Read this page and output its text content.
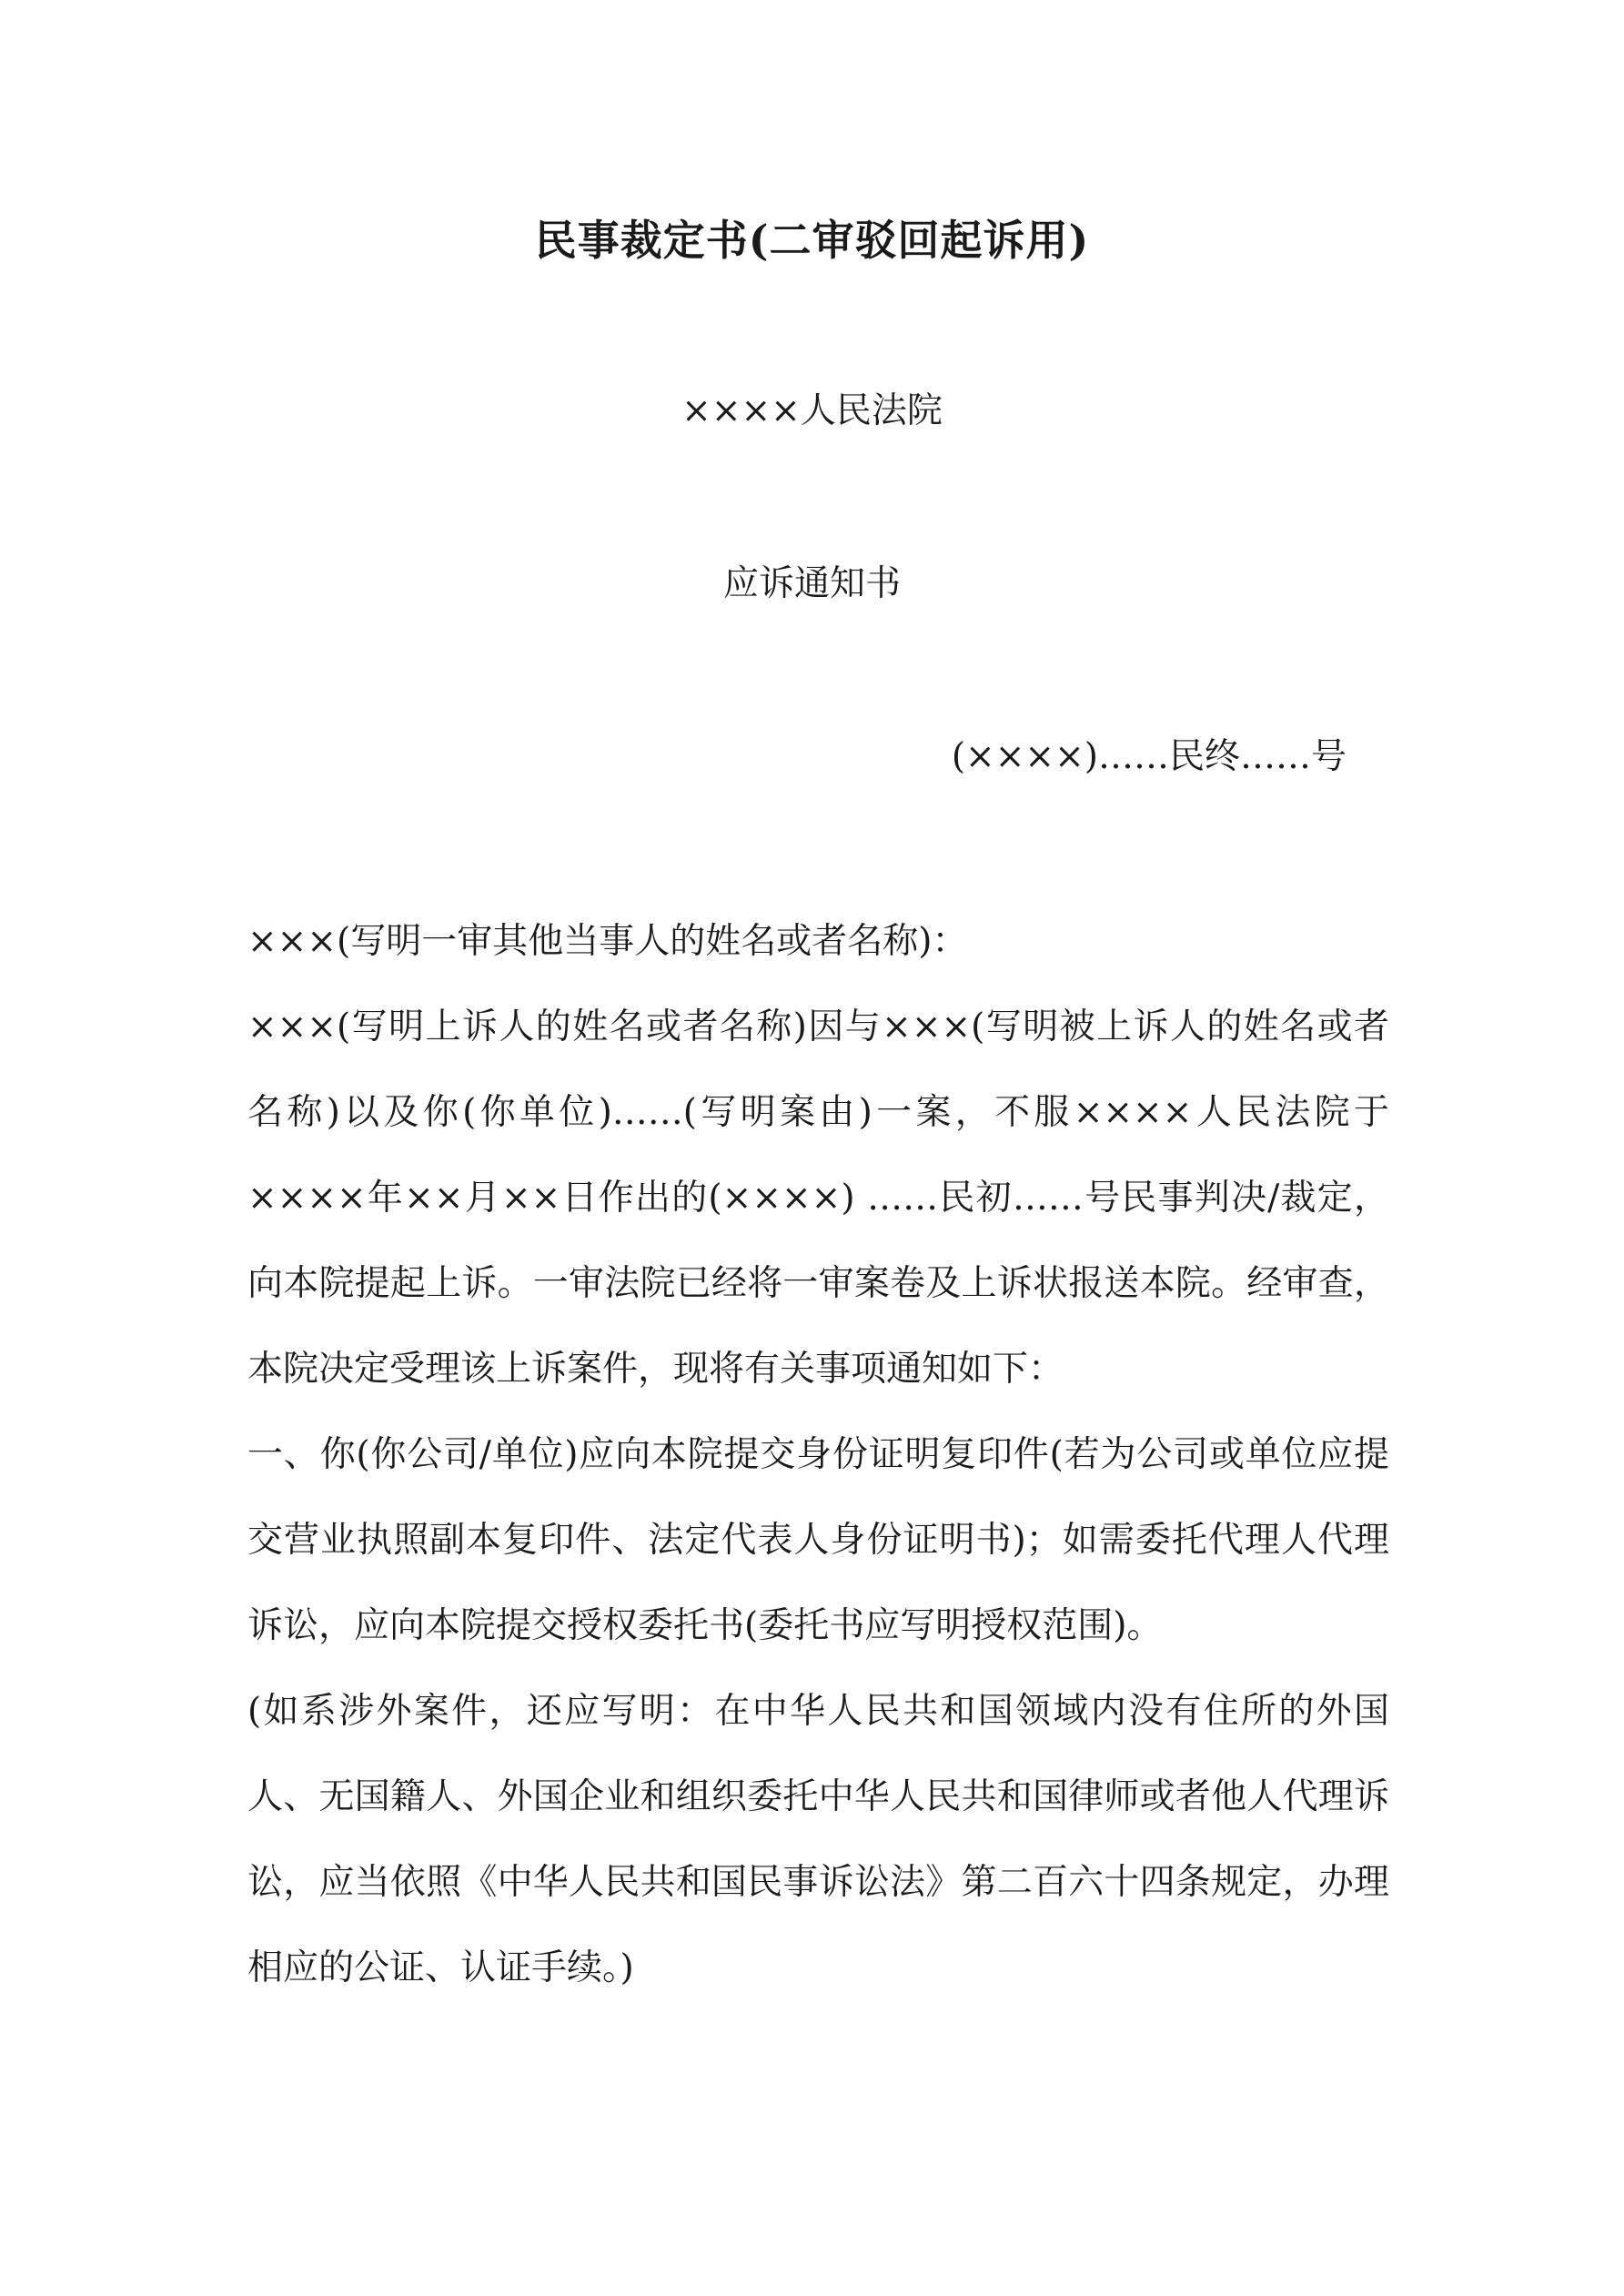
民事裁定书(二审驳回起诉用)
××××人民法院
应诉通知书
(××××)……民终……号

×××(写明一审其他当事人的姓名或者名称)：

×××(写明上诉人的姓名或者名称)因与×××(写明被上诉人的姓名或者名称)以及你(你单位)……(写明案由)一案，不服××××人民法院于××××年××月××日作出的(××××) ……民初……号民事判决/裁定，向本院提起上诉。一审法院已经将一审案卷及上诉状报送本院。经审查，本院决定受理该上诉案件，现将有关事项通知如下：

一、你(你公司/单位)应向本院提交身份证明复印件(若为公司或单位应提交营业执照副本复印件、法定代表人身份证明书)；如需委托代理人代理诉讼，应向本院提交授权委托书(委托书应写明授权范围)。

(如系涉外案件，还应写明：在中华人民共和国领域内没有住所的外国人、无国籍人、外国企业和组织委托中华人民共和国律师或者他人代理诉讼，应当依照《中华人民共和国民事诉讼法》第二百六十四条规定，办理相应的公证、认证手续。)
